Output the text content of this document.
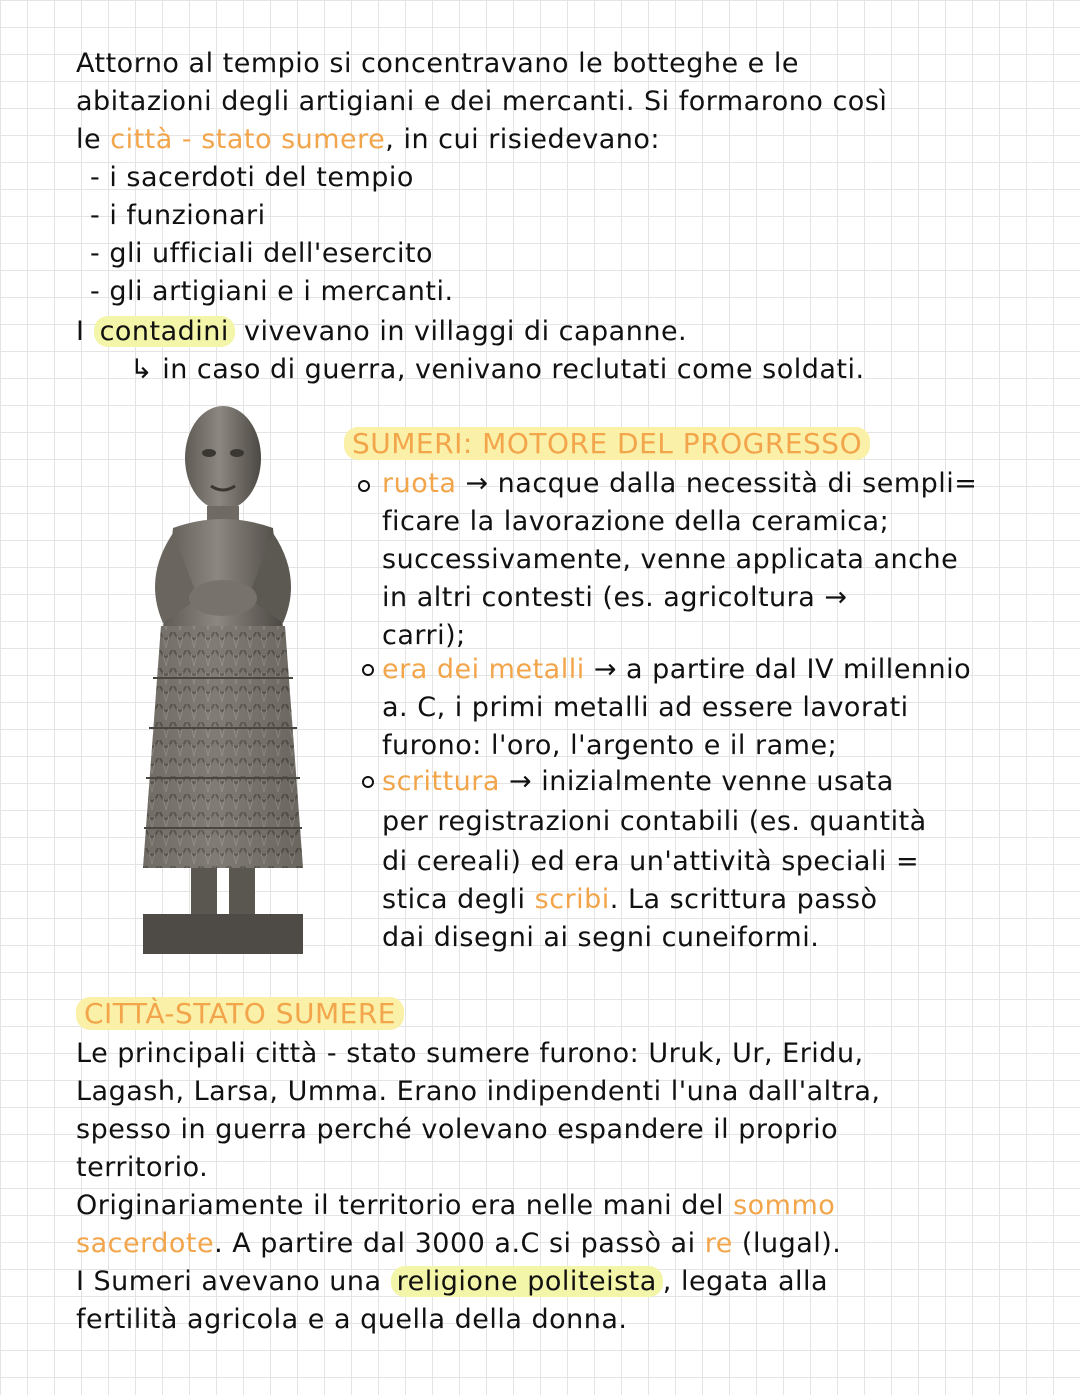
Attorno al tempio si concentravano le botteghe e le
abitazioni degli artigiani e dei mercanti. Si formarono così
le città - stato sumere, in cui risiedevano:
- i sacerdoti del tempio
- i funzionari
- gli ufficiali dell'esercito
- gli artigiani e i mercanti.
I contadini vivevano in villaggi di capanne.
↳ in caso di guerra, venivano reclutati come soldati.
SUMERI: MOTORE DEL PROGRESSO
ruota → nacque dalla necessità di sempli=
ficare la lavorazione della ceramica;
successivamente, venne applicata anche
in altri contesti (es. agricoltura →
carri);
era dei metalli → a partire dal IV millennio
a. C, i primi metalli ad essere lavorati
furono: l'oro, l'argento e il rame;
scrittura → inizialmente venne usata
per registrazioni contabili (es. quantità
di cereali) ed era un'attività speciali =
stica degli scribi. La scrittura passò
dai disegni ai segni cuneiformi.
CITTÀ-STATO SUMERE
Le principali città - stato sumere furono: Uruk, Ur, Eridu,
Lagash, Larsa, Umma. Erano indipendenti l'una dall'altra,
spesso in guerra perché volevano espandere il proprio
territorio.
Originariamente il territorio era nelle mani del sommo
sacerdote. A partire dal 3000 a.C si passò ai re (lugal).
I Sumeri avevano una religione politeista , legata alla
fertilità agricola e a quella della donna.
